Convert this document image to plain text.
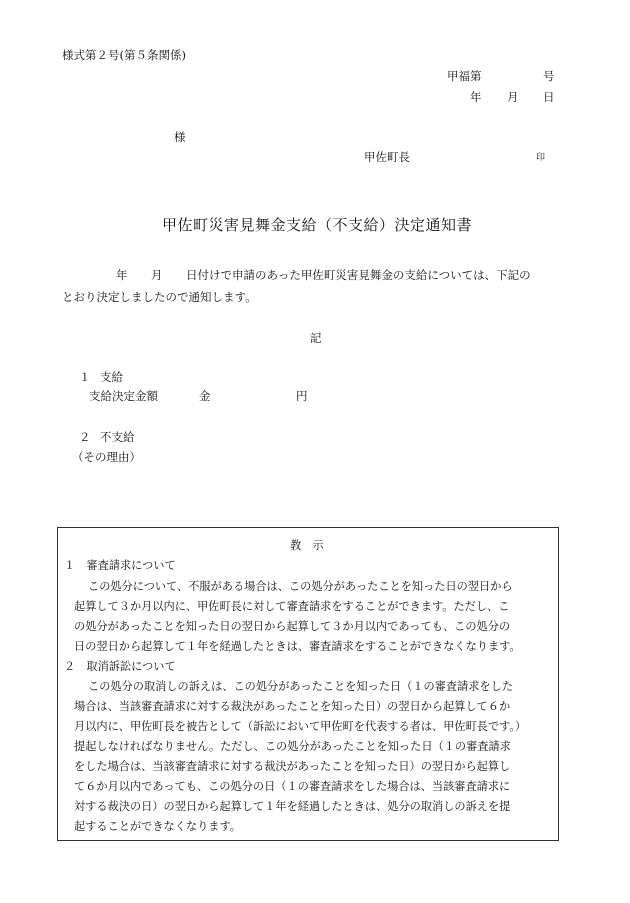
様式第２号(第５条関係)
甲福第	号
年 月 日
様
甲佐町長	印
甲佐町災害見舞金支給（不支給）決定通知書
年 月 日付けで申請のあった甲佐町災害見舞金の支給については、下記の
とおり決定しましたので通知します。
記
１ 支給
支給決定金額	金	円
２ 不支給
（その理由）
教　示
１　審査請求について
この処分について、不服がある場合は、この処分があったことを知った日の翌日から
起算して３か月以内に、甲佐町長に対して審査請求をすることができます。ただし、こ
の処分があったことを知った日の翌日から起算して３か月以内であっても、この処分の
日の翌日から起算して１年を経過したときは、審査請求をすることができなくなります。
２　取消訴訟について
この処分の取消しの訴えは、この処分があったことを知った日（１の審査請求をした
場合は、当該審査請求に対する裁決があったことを知った日）の翌日から起算して６か
月以内に、甲佐町長を被告として（訴訟において甲佐町を代表する者は、甲佐町長です。）
提起しなければなりません。ただし、この処分があったことを知った日（１の審査請求
をした場合は、当該審査請求に対する裁決があったことを知った日）の翌日から起算し
て６か月以内であっても、この処分の日（１の審査請求をした場合は、当該審査請求に
対する裁決の日）の翌日から起算して１年を経過したときは、処分の取消しの訴えを提
起することができなくなります。
